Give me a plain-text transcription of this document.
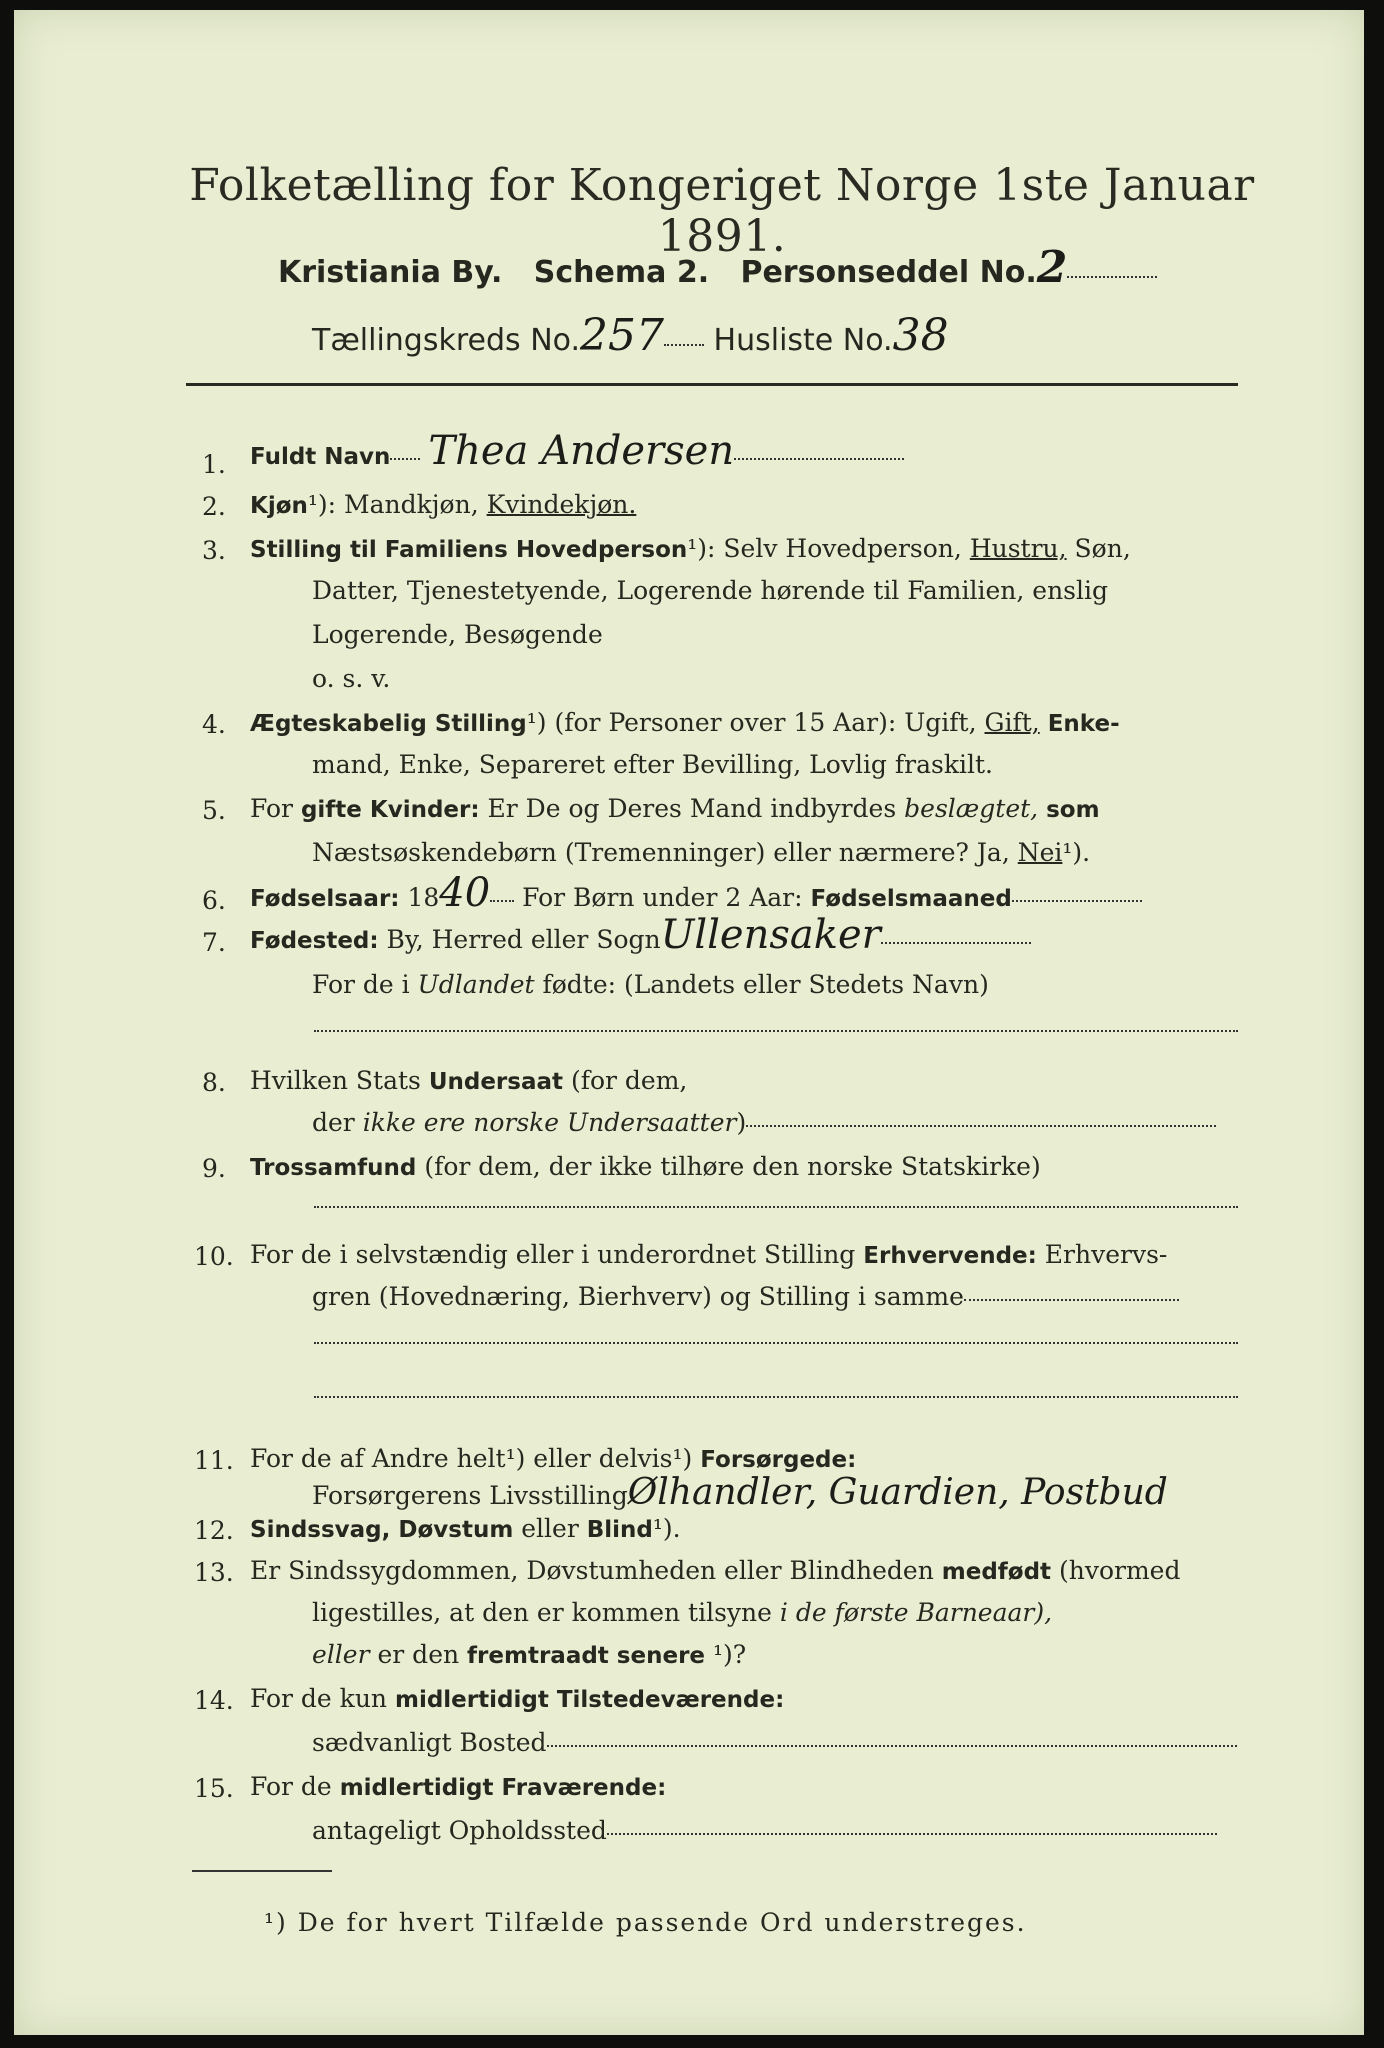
Folketælling for Kongeriget Norge 1ste Januar 1891.
Kristiania By. Schema 2. Personseddel No.2
Tællingskreds No.257 Husliste No.38
1. Fuldt Navn Thea Andersen
2. Kjøn¹): Mandkjøn, Kvindekjøn.
3. Stilling til Familiens Hovedperson¹): Selv Hovedperson, Hustru, Søn,
Datter, Tjenestetyende, Logerende hørende til Familien, enslig
Logerende, Besøgende
o. s. v.
4. Ægteskabelig Stilling¹) (for Personer over 15 Aar): Ugift, Gift, Enke-
mand, Enke, Separeret efter Bevilling, Lovlig fraskilt.
5. For gifte Kvinder: Er De og Deres Mand indbyrdes beslægtet, som
Næstsøskendebørn (Tremenninger) eller nærmere? Ja, Nei¹).
6. Fødselsaar: 1840 For Børn under 2 Aar: Fødselsmaaned
7. Fødested: By, Herred eller SognUllensaker
For de i Udlandet fødte: (Landets eller Stedets Navn)
8. Hvilken Stats Undersaat (for dem,
der ikke ere norske Undersaatter)
9. Trossamfund (for dem, der ikke tilhøre den norske Statskirke)
10. For de i selvstændig eller i underordnet Stilling Erhvervende: Erhvervs-
gren (Hovednæring, Bierhverv) og Stilling i samme
11. For de af Andre helt¹) eller delvis¹) Forsørgede:
Forsørgerens LivsstillingØlhandler, Guardien, Postbud
12. Sindssvag, Døvstum eller Blind¹).
13. Er Sindssygdommen, Døvstumheden eller Blindheden medfødt (hvormed
ligestilles, at den er kommen tilsyne i de første Barneaar),
eller er den fremtraadt senere ¹)?
14. For de kun midlertidigt Tilstedeværende:
sædvanligt Bosted
15. For de midlertidigt Fraværende:
antageligt Opholdssted
¹) De for hvert Tilfælde passende Ord understreges.
